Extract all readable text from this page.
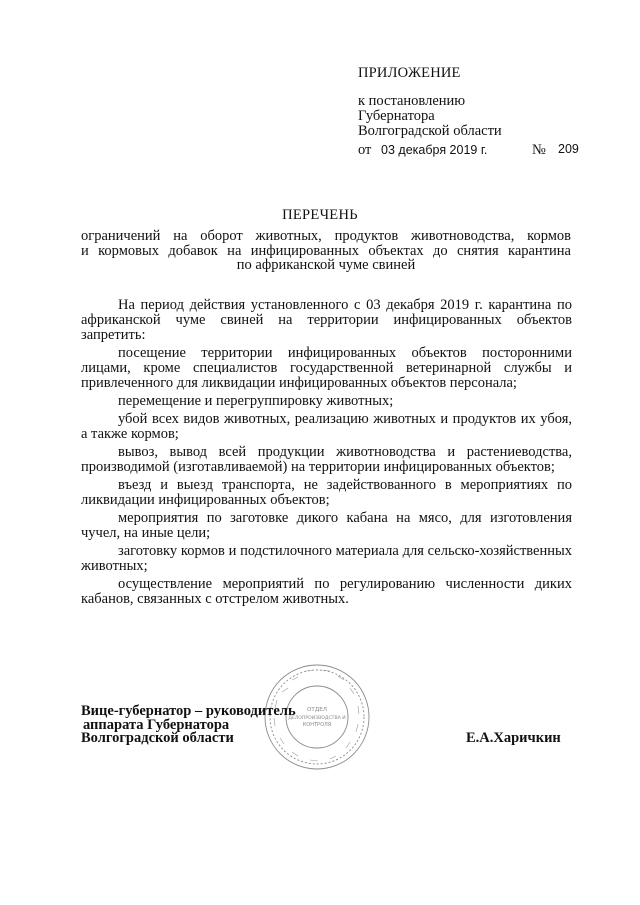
ПРИЛОЖЕНИЕ
к постановлению
Губернатора
Волгоградской области
от 03 декабря 2019 г.	№ 209
ПЕРЕЧЕНЬ
ограничений на оборот животных, продуктов животноводства, кормов
и кормовых добавок на инфицированных объектах до снятия карантина
по африканской чуме свиней

На период действия установленного с 03 декабря 2019 г. карантина по африканской чуме свиней на территории инфицированных объектов запретить:

посещение территории инфицированных объектов посторонними лицами, кроме специалистов государственной ветеринарной службы и привлеченного для ликвидации инфицированных объектов персонала;

перемещение и перегруппировку животных;

убой всех видов животных, реализацию животных и продуктов их убоя, а также кормов;

вывоз, вывод всей продукции животноводства и растениеводства, производимой (изготавливаемой) на территории инфицированных объектов;

въезд и выезд транспорта, не задействованного в мероприятиях по ликвидации инфицированных объектов;

мероприятия по заготовке дикого кабана на мясо, для изготовления чучел, на иные цели;

заготовку кормов и подстилочного материала для сельско-хозяйственных животных;

осуществление мероприятий по регулированию численности диких кабанов, связанных с отстрелом животных.

ОТДЕЛ
ДЕЛОПРОИЗВОДСТВА И
КОНТРОЛЯ
Вице-губернатор – руководитель
аппарата Губернатора
Волгоградской области	Е.А.Харичкин
